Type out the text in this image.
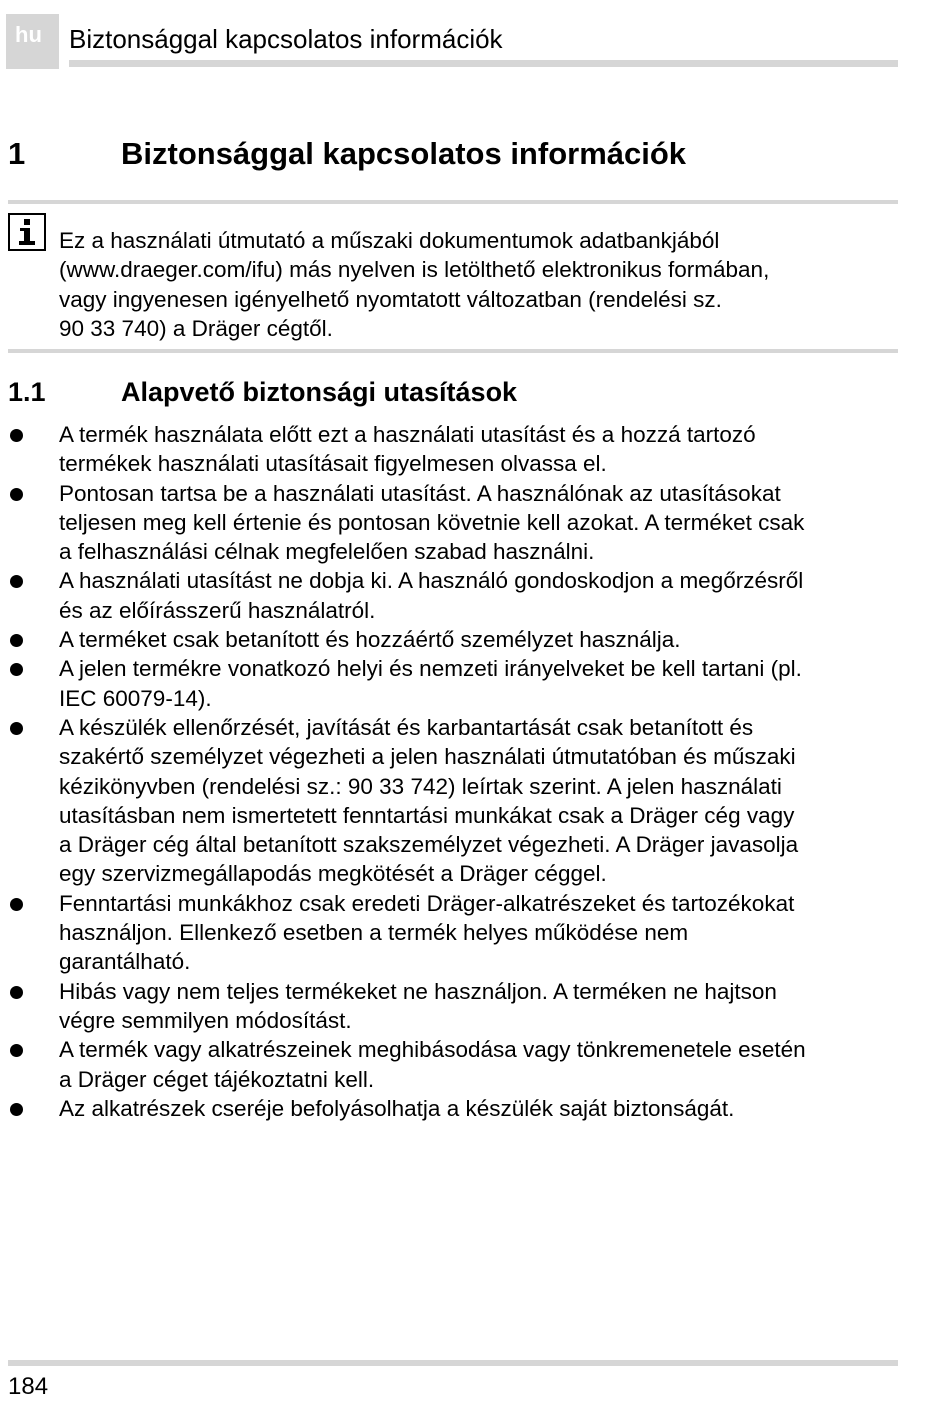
hu	Biztonsággal kapcsolatos információk
1	Biztonsággal kapcsolatos információk
Ez a használati útmutató a műszaki dokumentumok adatbankjából
(www.draeger.com/ifu) más nyelven is letölthető elektronikus formában,
vagy ingyenesen igényelhető nyomtatott változatban (rendelési sz.
90 33 740) a Dräger cégtől.
1.1	Alapvető biztonsági utasítások
A termék használata előtt ezt a használati utasítást és a hozzá tartozó
termékek használati utasításait figyelmesen olvassa el.
Pontosan tartsa be a használati utasítást. A használónak az utasításokat
teljesen meg kell értenie és pontosan követnie kell azokat. A terméket csak
a felhasználási célnak megfelelően szabad használni.
A használati utasítást ne dobja ki. A használó gondoskodjon a megőrzésről
és az előírásszerű használatról.
A terméket csak betanított és hozzáértő személyzet használja.
A jelen termékre vonatkozó helyi és nemzeti irányelveket be kell tartani (pl.
IEC 60079-14).
A készülék ellenőrzését, javítását és karbantartását csak betanított és
szakértő személyzet végezheti a jelen használati útmutatóban és műszaki
kézikönyvben (rendelési sz.: 90 33 742) leírtak szerint. A jelen használati
utasításban nem ismertetett fenntartási munkákat csak a Dräger cég vagy
a Dräger cég által betanított szakszemélyzet végezheti. A Dräger javasolja
egy szervizmegállapodás megkötését a Dräger céggel.
Fenntartási munkákhoz csak eredeti Dräger-alkatrészeket és tartozékokat
használjon. Ellenkező esetben a termék helyes működése nem
garantálható.
Hibás vagy nem teljes termékeket ne használjon. A terméken ne hajtson
végre semmilyen módosítást.
A termék vagy alkatrészeinek meghibásodása vagy tönkremenetele esetén
a Dräger céget tájékoztatni kell.
Az alkatrészek cseréje befolyásolhatja a készülék saját biztonságát.
184
